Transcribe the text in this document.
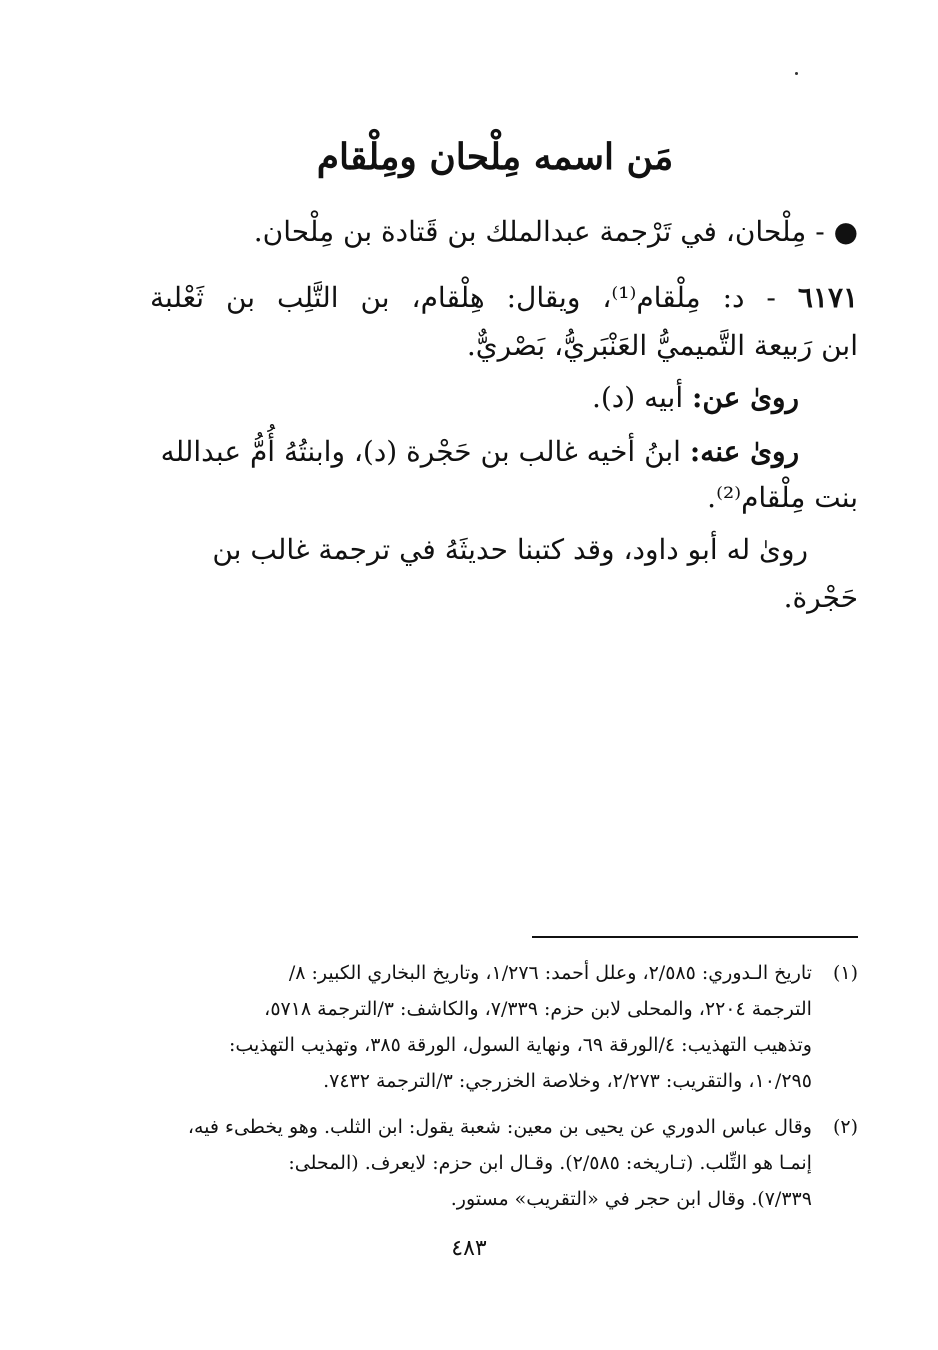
مَن اسمه مِلْحان ومِلْقام
● - مِلْحان، في تَرْجمة عبدالملك بن قَتادة بن مِلْحان.
٦١٧١ - د: مِلْقام⁽¹⁾، ويقال: هِلْقام، بن التَّلِب بن ثَعْلبة
ابن رَبيعة التَّميميُّ العَنْبَريُّ، بَصْريٌّ.
روىٰ عن: أبيه (د).
روىٰ عنه: ابنُ أخيه غالب بن حَجْرة (د)، وابنتُهُ أُمُّ عبدالله
بنت مِلْقام⁽²⁾.
روىٰ له أبو داود، وقد كتبنا حديثَهُ في ترجمة غالب بن
حَجْرة.
(١) تاريخ الـدوري: ٢/٥٨٥، وعلل أحمد: ١/٢٧٦، وتاريخ البخاري الكبير: ٨/
الترجمة ٢٢٠٤، والمحلى لابن حزم: ٧/٣٣٩، والكاشف: ٣/الترجمة ٥٧١٨،
وتذهيب التهذيب: ٤/الورقة ٦٩، ونهاية السول، الورقة ٣٨٥، وتهذيب التهذيب:
١٠/٢٩٥، والتقريب: ٢/٢٧٣، وخلاصة الخزرجي: ٣/الترجمة ٧٤٣٢.
(٢) وقال عباس الدوري عن يحيى بن معين: شعبة يقول: ابن الثلب. وهو يخطىء فيه،
إنمـا هو التِّلب. (تـاريخه: ٢/٥٨٥). وقـال ابن حزم: لايعرف. (المحلى:
٧/٣٣٩). وقال ابن حجر في «التقريب» مستور.
٤٨٣
